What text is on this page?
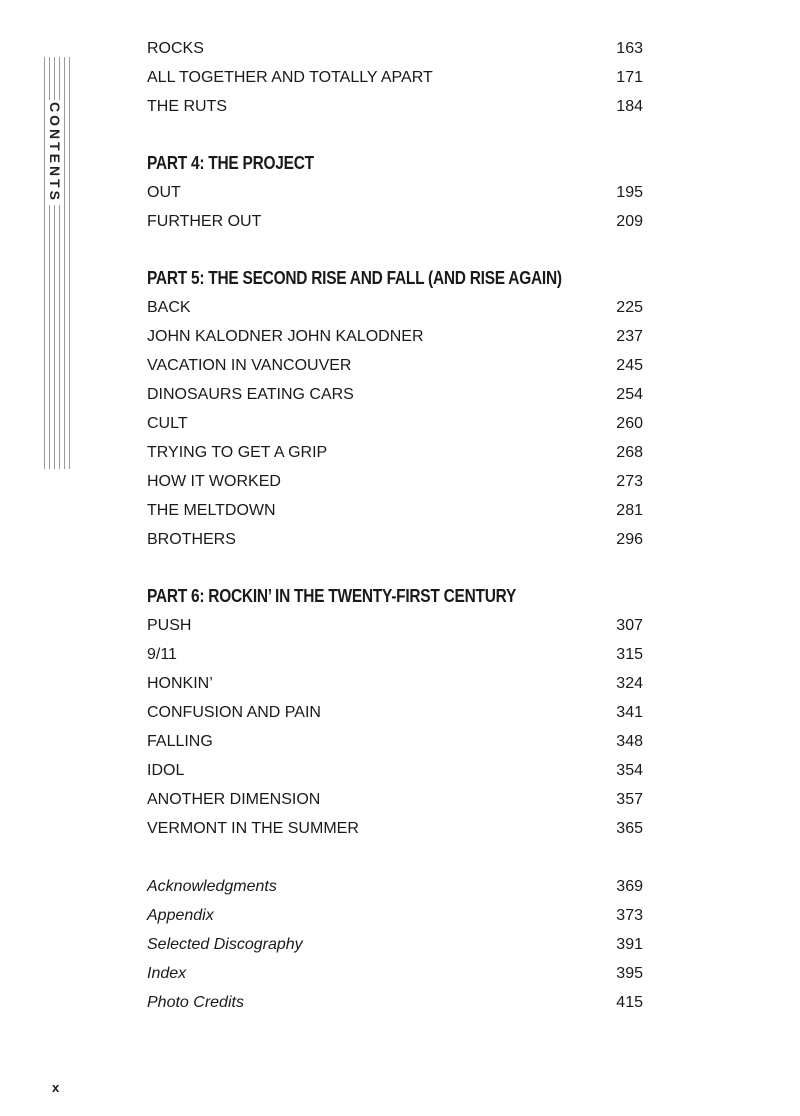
CONTENTS
ROCKS	163
ALL TOGETHER AND TOTALLY APART	171
THE RUTS	184
PART 4: THE PROJECT
OUT	195
FURTHER OUT	209
PART 5: THE SECOND RISE AND FALL (AND RISE AGAIN)
BACK	225
JOHN KALODNER JOHN KALODNER	237
VACATION IN VANCOUVER	245
DINOSAURS EATING CARS	254
CULT	260
TRYING TO GET A GRIP	268
HOW IT WORKED	273
THE MELTDOWN	281
BROTHERS	296
PART 6: ROCKIN’ IN THE TWENTY-FIRST CENTURY
PUSH	307
9/11	315
HONKIN’	324
CONFUSION AND PAIN	341
FALLING	348
IDOL	354
ANOTHER DIMENSION	357
VERMONT IN THE SUMMER	365
Acknowledgments	369
Appendix	373
Selected Discography	391
Index	395
Photo Credits	415
x
